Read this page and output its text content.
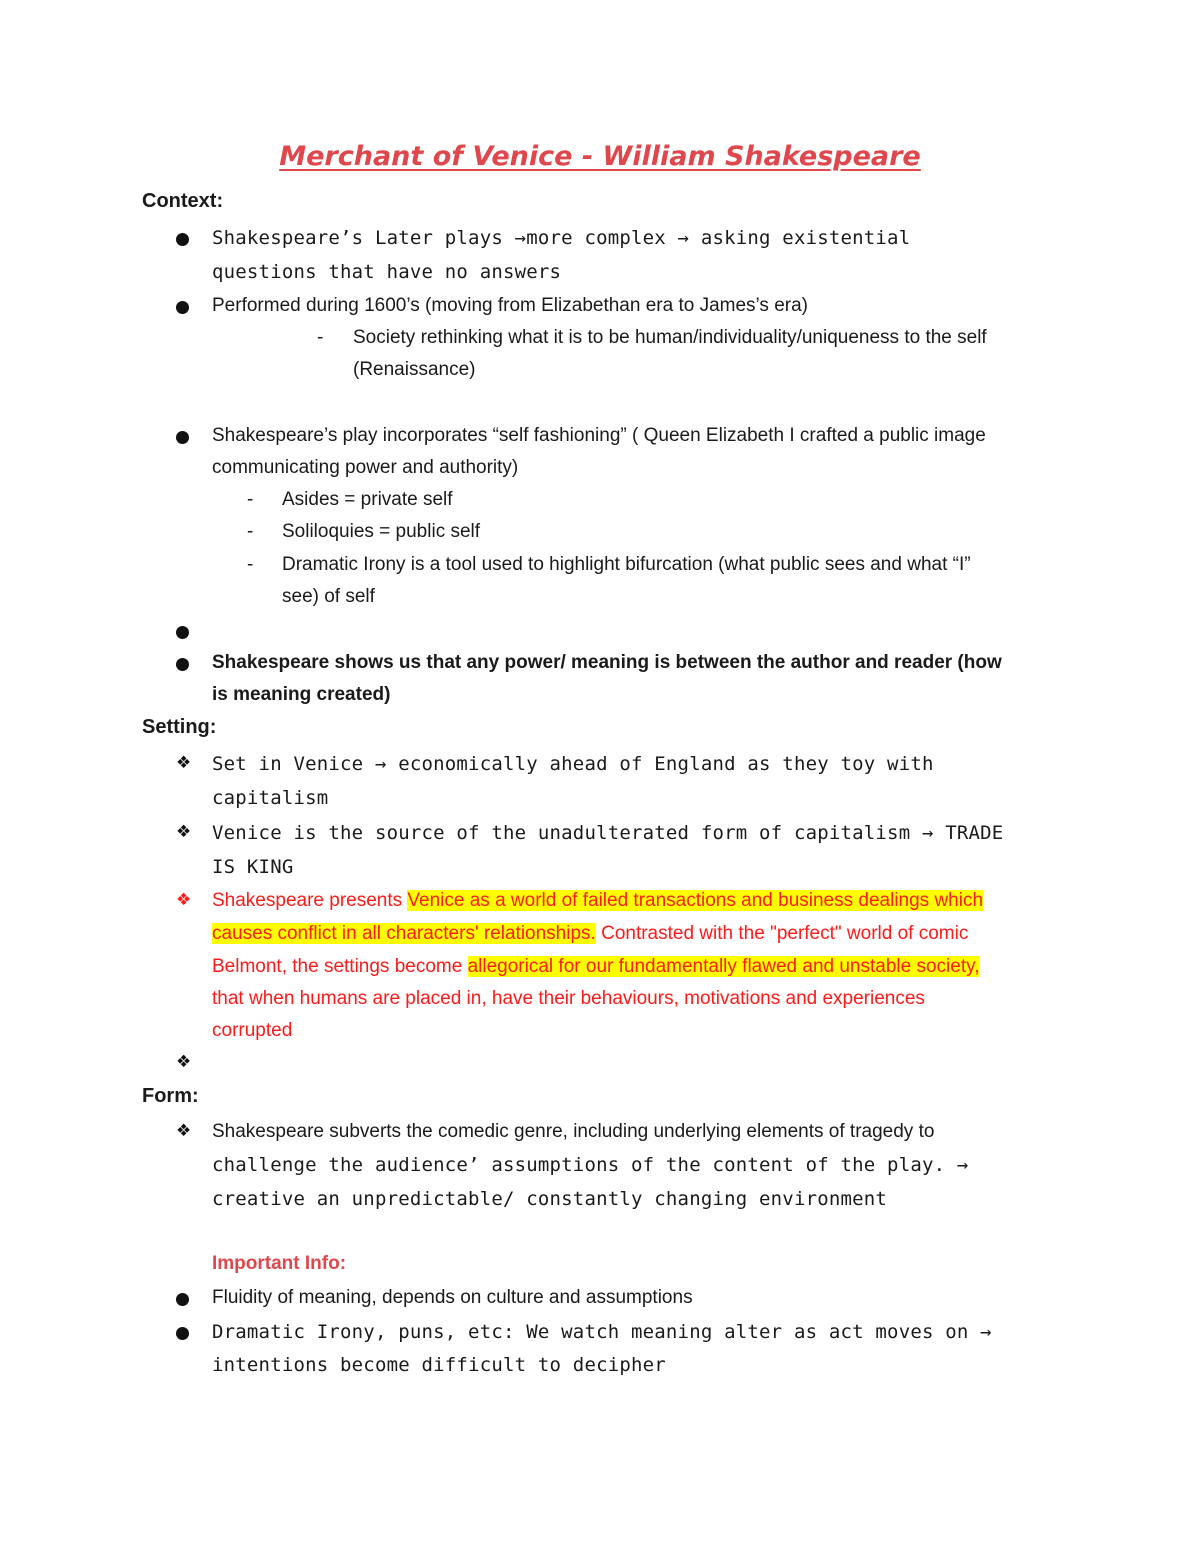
Merchant of Venice - William Shakespeare
Context:
Shakespeare’s Later plays →more complex → asking existential
questions that have no answers
Performed during 1600’s (moving from Elizabethan era to James’s era)
- Society rethinking what it is to be human/individuality/uniqueness to the self
(Renaissance)
Shakespeare’s play incorporates “self fashioning” ( Queen Elizabeth I crafted a public image
communicating power and authority)
- Asides = private self
- Soliloquies = public self
- Dramatic Irony is a tool used to highlight bifurcation (what public sees and what “I”
see) of self
Shakespeare shows us that any power/ meaning is between the author and reader (how
is meaning created)
Setting:
❖ Set in Venice → economically ahead of England as they toy with
capitalism
❖ Venice is the source of the unadulterated form of capitalism → TRADE
IS KING
❖ Shakespeare presents Venice as a world of failed transactions and business dealings which
causes conflict in all characters' relationships. Contrasted with the "perfect" world of comic
Belmont, the settings become allegorical for our fundamentally flawed and unstable society,
that when humans are placed in, have their behaviours, motivations and experiences
corrupted
❖
Form:
❖ Shakespeare subverts the comedic genre, including underlying elements of tragedy to
challenge the audience’ assumptions of the content of the play. →
creative an unpredictable/ constantly changing environment
Important Info:
Fluidity of meaning, depends on culture and assumptions
Dramatic Irony, puns, etc: We watch meaning alter as act moves on →
intentions become difficult to decipher
